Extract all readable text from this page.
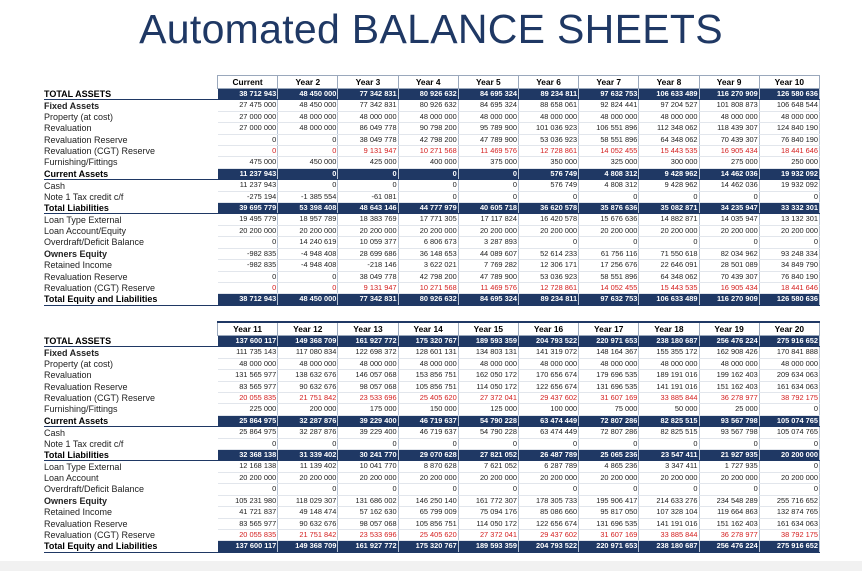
Automated BALANCE SHEETS
	Current	Year 2	Year 3	Year 4	Year 5	Year 6	Year 7	Year 8	Year 9	Year 10
TOTAL ASSETS	38 712 943	48 450 000	77 342 831	80 926 632	84 695 324	89 234 811	97 632 753	106 633 489	116 270 909	126 580 636
Fixed Assets	27 475 000	48 450 000	77 342 831	80 926 632	84 695 324	88 658 061	92 824 441	97 204 527	101 808 873	106 648 544
Property (at cost)	27 000 000	48 000 000	48 000 000	48 000 000	48 000 000	48 000 000	48 000 000	48 000 000	48 000 000	48 000 000
Revaluation	27 000 000	48 000 000	86 049 778	90 798 200	95 789 900	101 036 923	106 551 896	112 348 062	118 439 307	124 840 190
Revaluation Reserve	0	0	38 049 778	42 798 200	47 789 900	53 036 923	58 551 896	64 348 062	70 439 307	76 840 190
Revaluation (CGT) Reserve	0	0	9 131 947	10 271 568	11 469 576	12 728 861	14 052 455	15 443 535	16 905 434	18 441 646
Furnishing/Fittings	475 000	450 000	425 000	400 000	375 000	350 000	325 000	300 000	275 000	250 000
Current Assets	11 237 943	0	0	0	0	576 749	4 808 312	9 428 962	14 462 036	19 932 092
Cash	11 237 943	0	0	0	0	576 749	4 808 312	9 428 962	14 462 036	19 932 092
Note 1 Tax credit c/f	-275 194	-1 385 554	-61 081	0	0	0	0	0	0	0
Total Liabilities	39 695 779	53 398 408	48 643 146	44 777 979	40 605 718	36 620 578	35 876 636	35 082 871	34 235 947	33 332 301
Loan Type External	19 495 779	18 957 789	18 383 769	17 771 305	17 117 824	16 420 578	15 676 636	14 882 871	14 035 947	13 132 301
Loan Account/Equity	20 200 000	20 200 000	20 200 000	20 200 000	20 200 000	20 200 000	20 200 000	20 200 000	20 200 000	20 200 000
Overdraft/Deficit Balance	0	14 240 619	10 059 377	6 806 673	3 287 893	0	0	0	0	0
Owners Equity	-982 835	-4 948 408	28 699 686	36 148 653	44 089 607	52 614 233	61 756 116	71 550 618	82 034 962	93 248 334
Retained Income	-982 835	-4 948 408	-218 146	3 622 021	7 769 282	12 306 171	17 256 676	22 646 091	28 501 089	34 849 790
Revaluation Reserve	0	0	38 049 778	42 798 200	47 789 900	53 036 923	58 551 896	64 348 062	70 439 307	76 840 190
Revaluation (CGT) Reserve	0	0	9 131 947	10 271 568	11 469 576	12 728 861	14 052 455	15 443 535	16 905 434	18 441 646
Total Equity and Liabilities	38 712 943	48 450 000	77 342 831	80 926 632	84 695 324	89 234 811	97 632 753	106 633 489	116 270 909	126 580 636
	Year 11	Year 12	Year 13	Year 14	Year 15	Year 16	Year 17	Year 18	Year 19	Year 20
TOTAL ASSETS	137 600 117	149 368 709	161 927 772	175 320 767	189 593 359	204 793 522	220 971 653	238 180 687	256 476 224	275 916 652
Fixed Assets	111 735 143	117 080 834	122 698 372	128 601 131	134 803 131	141 319 072	148 164 367	155 355 172	162 908 426	170 841 888
Property (at cost)	48 000 000	48 000 000	48 000 000	48 000 000	48 000 000	48 000 000	48 000 000	48 000 000	48 000 000	48 000 000
Revaluation	131 565 977	138 632 676	146 057 068	153 856 751	162 050 172	170 656 674	179 696 535	189 191 016	199 162 403	209 634 063
Revaluation Reserve	83 565 977	90 632 676	98 057 068	105 856 751	114 050 172	122 656 674	131 696 535	141 191 016	151 162 403	161 634 063
Revaluation (CGT) Reserve	20 055 835	21 751 842	23 533 696	25 405 620	27 372 041	29 437 602	31 607 169	33 885 844	36 278 977	38 792 175
Furnishing/Fittings	225 000	200 000	175 000	150 000	125 000	100 000	75 000	50 000	25 000	0
Current Assets	25 864 975	32 287 876	39 229 400	46 719 637	54 790 228	63 474 449	72 807 286	82 825 515	93 567 798	105 074 765
Cash	25 864 975	32 287 876	39 229 400	46 719 637	54 790 228	63 474 449	72 807 286	82 825 515	93 567 798	105 074 765
Note 1 Tax credit c/f	0	0	0	0	0	0	0	0	0	0
Total Liabilities	32 368 138	31 339 402	30 241 770	29 070 628	27 821 052	26 487 789	25 065 236	23 547 411	21 927 935	20 200 000
Loan Type External	12 168 138	11 139 402	10 041 770	8 870 628	7 621 052	6 287 789	4 865 236	3 347 411	1 727 935	0
Loan Account	20 200 000	20 200 000	20 200 000	20 200 000	20 200 000	20 200 000	20 200 000	20 200 000	20 200 000	20 200 000
Overdraft/Deficit Balance	0	0	0	0	0	0	0	0	0	0
Owners Equity	105 231 980	118 029 307	131 686 002	146 250 140	161 772 307	178 305 733	195 906 417	214 633 276	234 548 289	255 716 652
Retained Income	41 721 837	49 148 474	57 162 630	65 799 009	75 094 176	85 086 660	95 817 050	107 328 104	119 664 863	132 874 765
Revaluation Reserve	83 565 977	90 632 676	98 057 068	105 856 751	114 050 172	122 656 674	131 696 535	141 191 016	151 162 403	161 634 063
Revaluation (CGT) Reserve	20 055 835	21 751 842	23 533 696	25 405 620	27 372 041	29 437 602	31 607 169	33 885 844	36 278 977	38 792 175
Total Equity and Liabilities	137 600 117	149 368 709	161 927 772	175 320 767	189 593 359	204 793 522	220 971 653	238 180 687	256 476 224	275 916 652
